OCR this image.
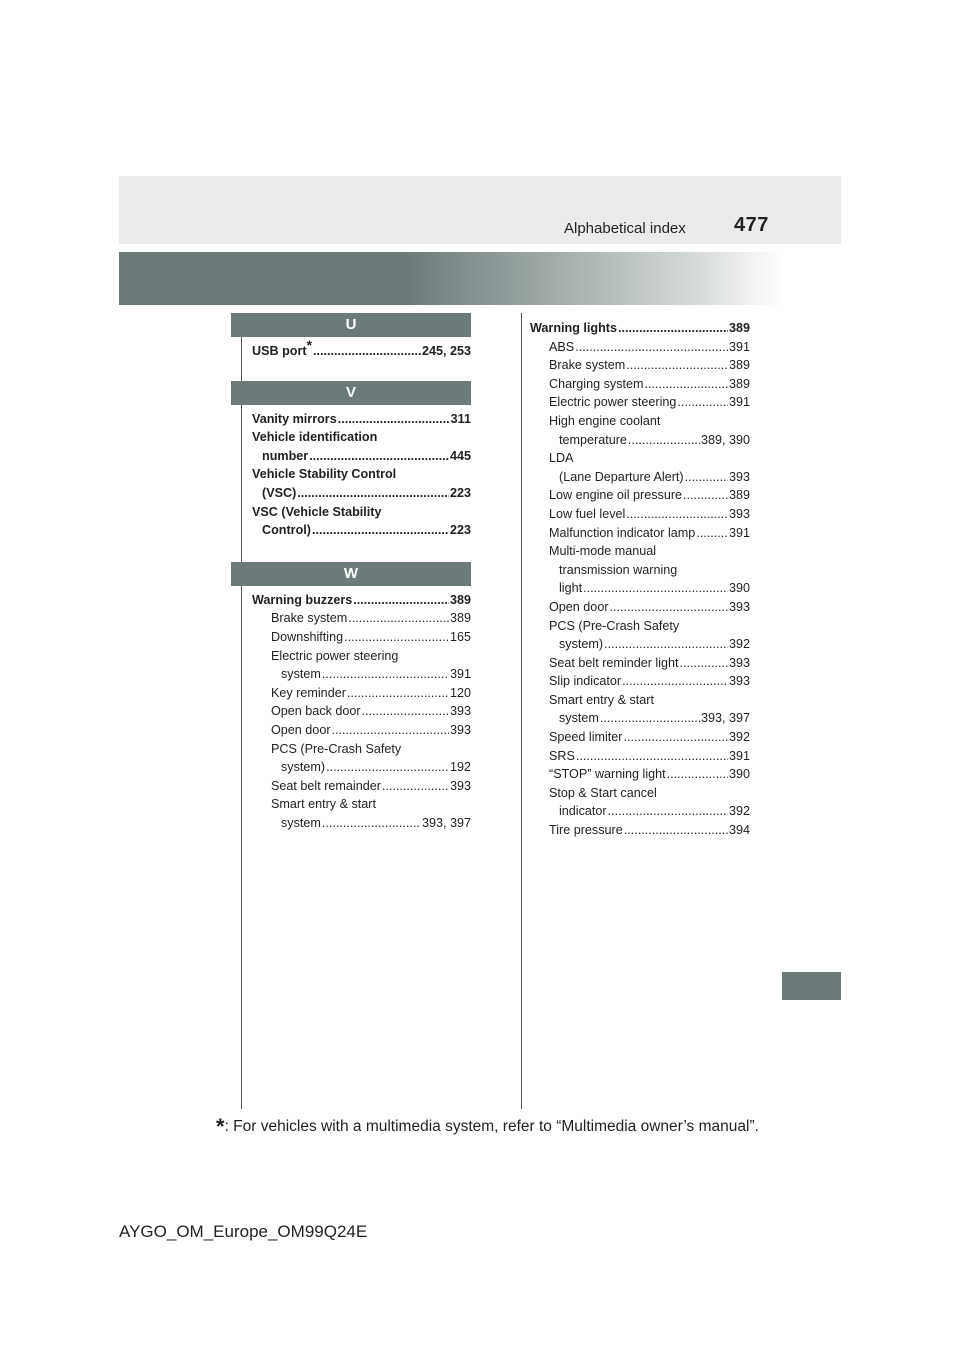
Alphabetical index 477
U
USB port* .....	245, 253
V
Vanity mirrors .....	311
Vehicle identification
number .....	445
Vehicle Stability Control
(VSC) .....	223
VSC (Vehicle Stability
Control) .....	223
W
Warning buzzers .....	389
Brake system .....	389
Downshifting .....	165
Electric power steering
system .....	391
Key reminder .....	120
Open back door .....	393
Open door .....	393
PCS (Pre-Crash Safety
system) .....	192
Seat belt remainder .....	393
Smart entry & start
system .....	393, 397
Warning lights .....	389
ABS .....	391
Brake system .....	389
Charging system .....	389
Electric power steering .....	391
High engine coolant
temperature .....	389, 390
LDA
(Lane Departure Alert) .....	393
Low engine oil pressure .....	389
Low fuel level .....	393
Malfunction indicator lamp .....	391
Multi-mode manual
transmission warning
light .....	390
Open door .....	393
PCS (Pre-Crash Safety
system) .....	392
Seat belt reminder light .....	393
Slip indicator .....	393
Smart entry & start
system .....	393, 397
Speed limiter .....	392
SRS .....	391
“STOP” warning light .....	390
Stop & Start cancel
indicator .....	392
Tire pressure .....	394
*: For vehicles with a multimedia system, refer to “Multimedia owner’s manual”.
AYGO_OM_Europe_OM99Q24E
